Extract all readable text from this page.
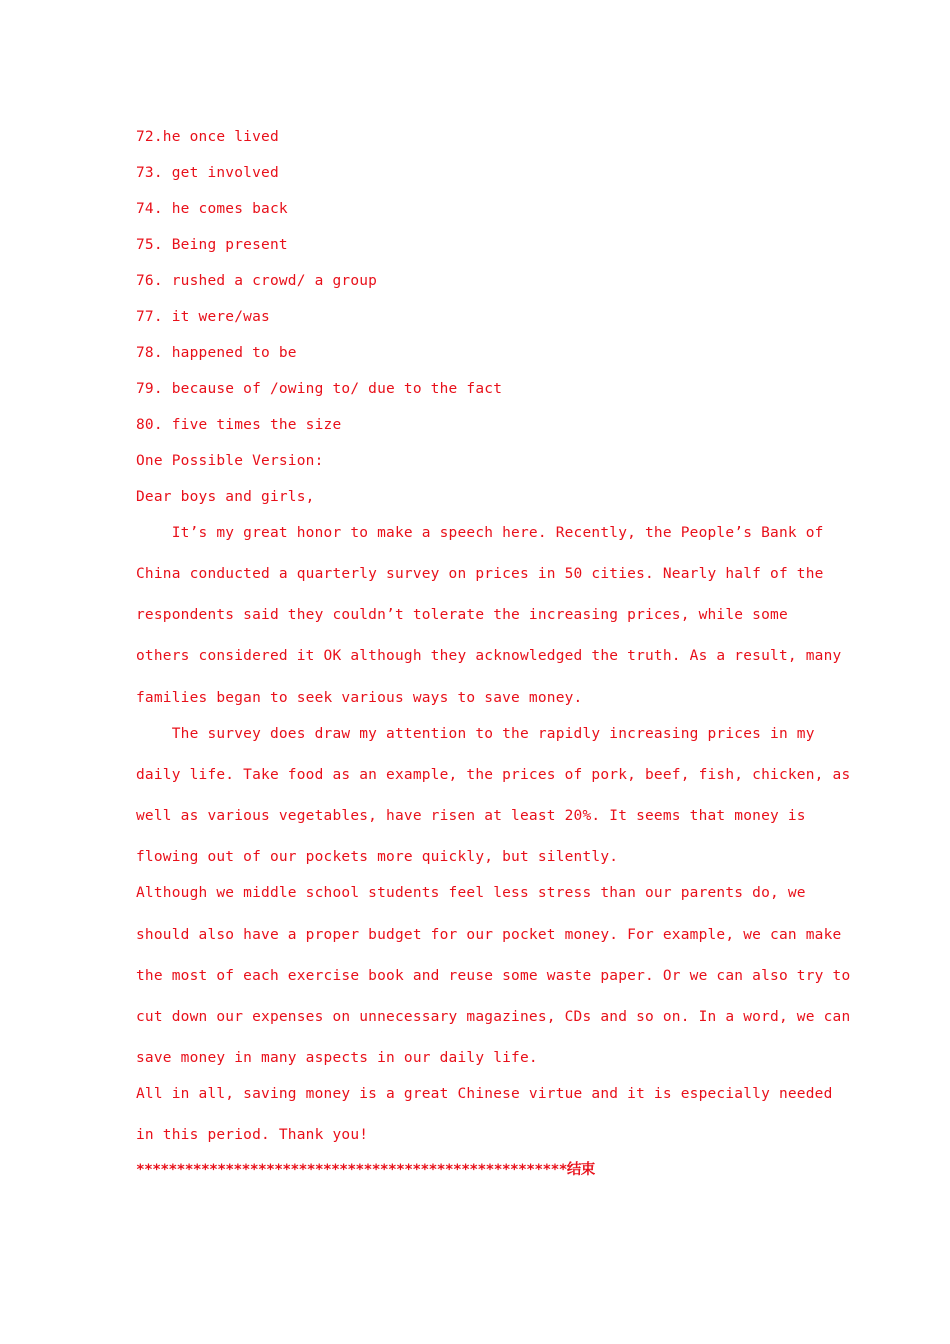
72.he once lived
73. get involved
74. he comes back
75. Being present
76. rushed a crowd/ a group
77. it were/was
78. happened to be
79. because of /owing to/ due to the fact
80. five times the size
One Possible Version:
Dear boys and girls,
It’s my great honor to make a speech here. Recently, the People’s Bank of
China conducted a quarterly survey on prices in 50 cities. Nearly half of the
respondents said they couldn’t tolerate the increasing prices, while some
others considered it OK although they acknowledged the truth. As a result, many
families began to seek various ways to save money.
The survey does draw my attention to the rapidly increasing prices in my
daily life. Take food as an example, the prices of pork, beef, fish, chicken, as
well as various vegetables, have risen at least 20%. It seems that money is
flowing out of our pockets more quickly, but silently.
Although we middle school students feel less stress than our parents do, we
should also have a proper budget for our pocket money. For example, we can make
the most of each exercise book and reuse some waste paper. Or we can also try to
cut down our expenses on unnecessary magazines, CDs and so on. In a word, we can
save money in many aspects in our daily life.
All in all, saving money is a great Chinese virtue and it is especially needed
in this period. Thank you!
*****************************************************结束
